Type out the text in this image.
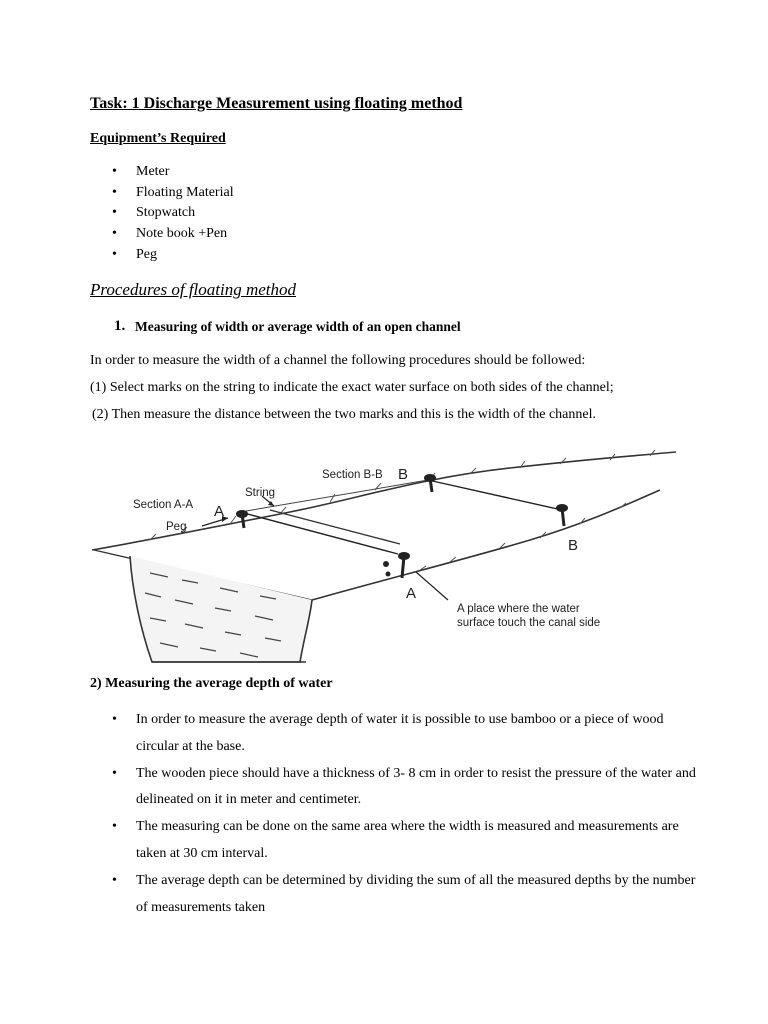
Task: 1 Discharge Measurement using floating method
Equipment’s Required
• Meter
• Floating Material
• Stopwatch
• Note book +Pen
• Peg
Procedures of floating method
1. Measuring of width or average width of an open channel
In order to measure the width of a channel the following procedures should be followed:
(1) Select marks on the string to indicate the exact water surface on both sides of the channel;
(2) Then measure the distance between the two marks and this is the width of the channel.
Section B-B B
String
Section A-A A
Peg
B
A
A place where the water
surface touch the canal side
2) Measuring the average depth of water
• In order to measure the average depth of water it is possible to use bamboo or a piece of wood circular at the base.
• The wooden piece should have a thickness of 3- 8 cm in order to resist the pressure of the water and delineated on it in meter and centimeter.
• The measuring can be done on the same area where the width is measured and measurements are taken at 30 cm interval.
• The average depth can be determined by dividing the sum of all the measured depths by the number of measurements taken
